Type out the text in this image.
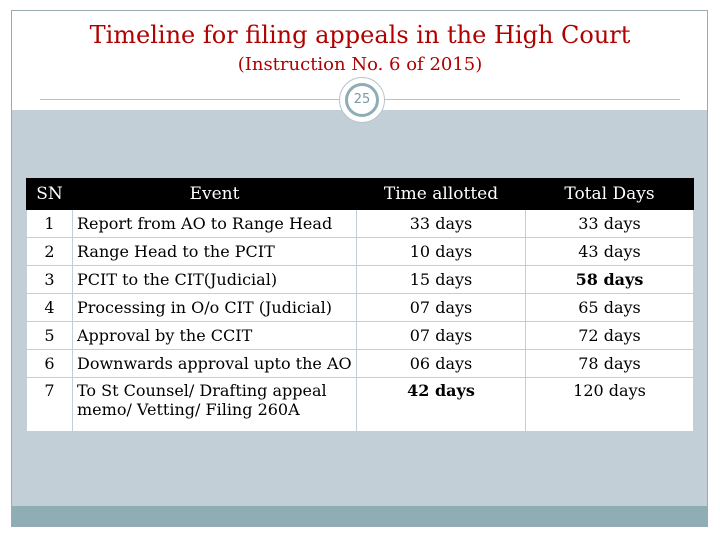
Timeline for filing appeals in the High Court
(Instruction No. 6 of 2015)
25
SN	Event	Time allotted	Total Days
1	Report from AO to Range Head	33 days	33 days
2	Range Head to the PCIT	10 days	43 days
3	PCIT to the CIT(Judicial)	15 days	58 days
4	Processing in O/o CIT (Judicial)	07 days	65 days
5	Approval by the CCIT	07 days	72 days
6	Downwards approval upto the AO	06 days	78 days
7	To St Counsel/ Drafting appeal memo/ Vetting/ Filing 260A	42 days	120 days
